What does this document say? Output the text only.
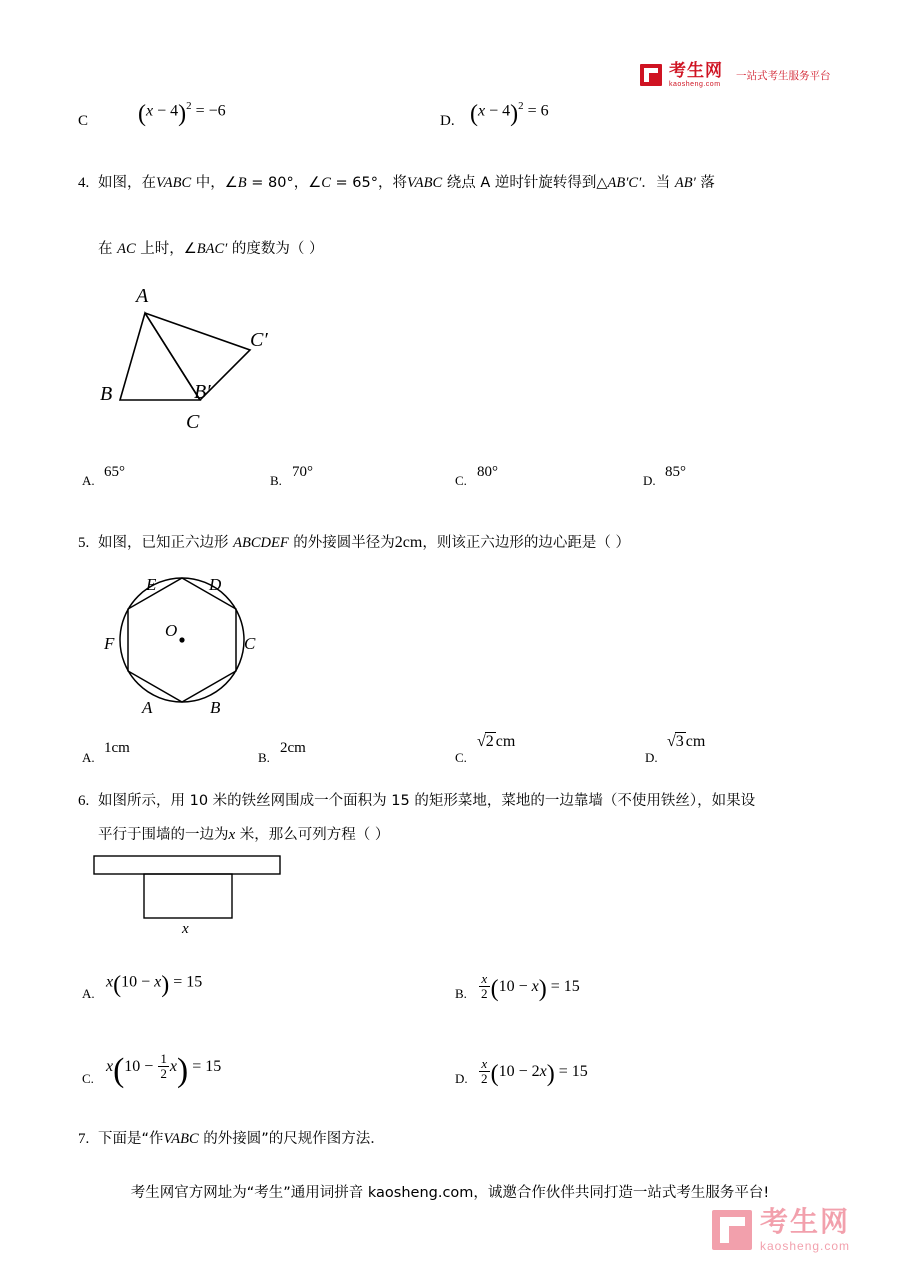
考生网
kaosheng.com
一站式考生服务平台
C $(x - 4)^2 = -6$
D. $(x - 4)^2 = 6$
4. 如图，在VABC 中，∠B = 80°，∠C = 65°，将VABC 绕点 A 逆时针旋转得到△AB′C′．当 AB′ 落
在 AC 上时，∠BAC′ 的度数为（ ）
A
B
C
B′
C′
A.
65°
B.
70°
C.
80°
D.
85°
5. 如图，已知正六边形 ABCDEF 的外接圆半径为2cm，则该正六边形的边心距是（ ）
O
E	D
F	C
A	B
A.
1cm
B.
2cm
C.
√2 cm
D.
√3 cm
6. 如图所示，用 10 米的铁丝网围成一个面积为 15 的矩形菜地，菜地的一边靠墙（不使用铁丝），如果设
平行于围墙的一边为x 米，那么可列方程（ ）
x
A.
x(10 − x) = 15
B. $\frac{x}{2} (10 - x) = 15$
C.
$x(10 - \frac{1}{2} x) = 15$
D. $\frac{x}{2} (10 - 2x) = 15$
7. 下面是“作VABC 的外接圆”的尺规作图方法．
考生网官方网址为“考生”通用词拼音 kaosheng.com，诚邀合作伙伴共同打造一站式考生服务平台!
考生网
kaosheng.com
